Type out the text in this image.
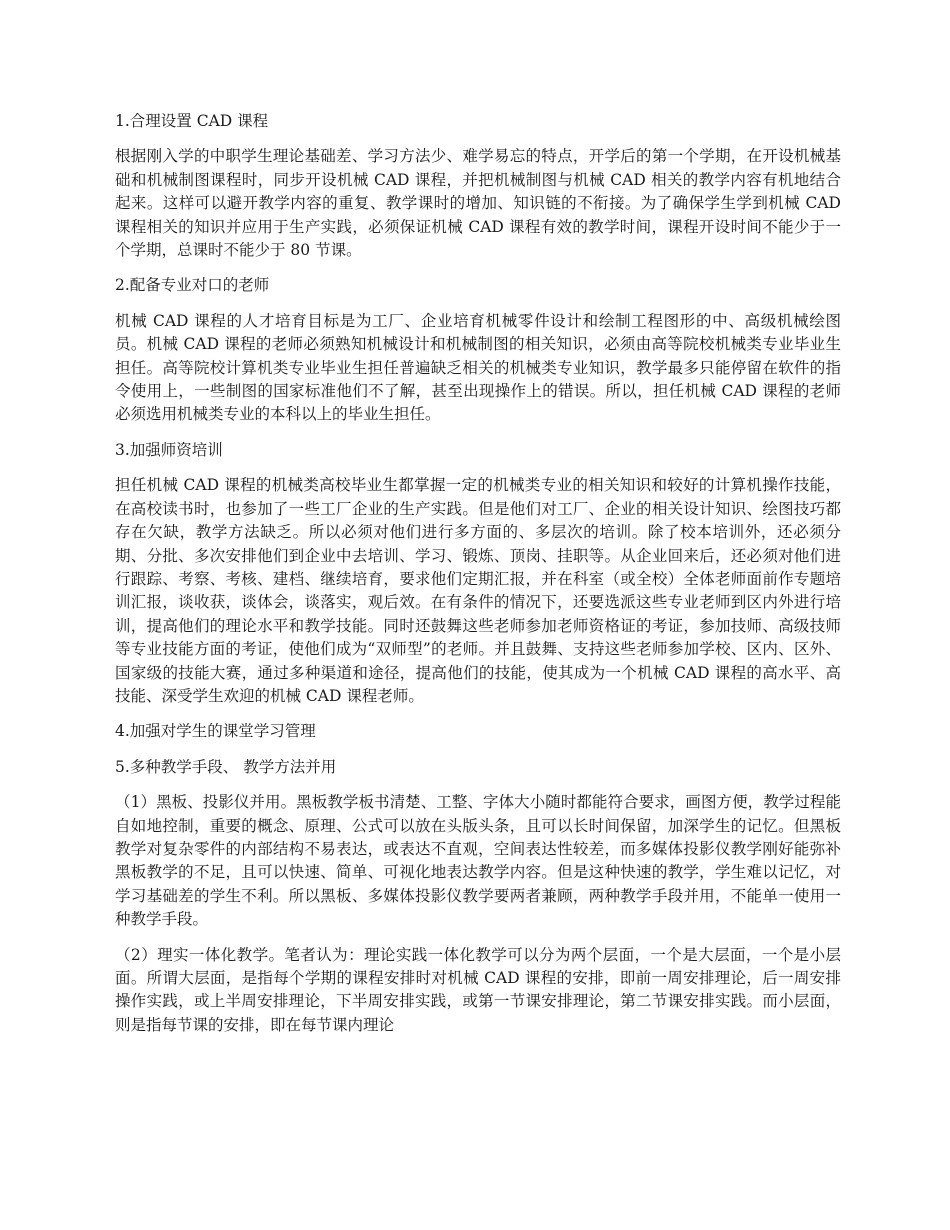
1.合理设置 CAD 课程
根据刚入学的中职学生理论基础差、学习方法少、难学易忘的特点，开学后的第一个学期，在开设机械基础和机械制图课程时，同步开设机械 CAD 课程，并把机械制图与机械 CAD 相关的教学内容有机地结合起来。这样可以避开教学内容的重复、教学课时的增加、知识链的不衔接。为了确保学生学到机械 CAD 课程相关的知识并应用于生产实践，必须保证机械 CAD 课程有效的教学时间，课程开设时间不能少于一个学期，总课时不能少于 80 节课。
2.配备专业对口的老师
机械 CAD 课程的人才培育目标是为工厂、企业培育机械零件设计和绘制工程图形的中、高级机械绘图员。机械 CAD 课程的老师必须熟知机械设计和机械制图的相关知识，必须由高等院校机械类专业毕业生担任。高等院校计算机类专业毕业生担任普遍缺乏相关的机械类专业知识，教学最多只能停留在软件的指令使用上，一些制图的国家标准他们不了解，甚至出现操作上的错误。所以，担任机械 CAD 课程的老师必须选用机械类专业的本科以上的毕业生担任。
3.加强师资培训
担任机械 CAD 课程的机械类高校毕业生都掌握一定的机械类专业的相关知识和较好的计算机操作技能，在高校读书时，也参加了一些工厂企业的生产实践。但是他们对工厂、企业的相关设计知识、绘图技巧都存在欠缺，教学方法缺乏。所以必须对他们进行多方面的、多层次的培训。除了校本培训外，还必须分期、分批、多次安排他们到企业中去培训、学习、锻炼、顶岗、挂职等。从企业回来后，还必须对他们进行跟踪、考察、考核、建档、继续培育，要求他们定期汇报，并在科室（或全校）全体老师面前作专题培训汇报，谈收获，谈体会，谈落实，观后效。在有条件的情况下，还要选派这些专业老师到区内外进行培训，提高他们的理论水平和教学技能。同时还鼓舞这些老师参加老师资格证的考证，参加技师、高级技师等专业技能方面的考证，使他们成为“双师型”的老师。并且鼓舞、支持这些老师参加学校、区内、区外、国家级的技能大赛，通过多种渠道和途径，提高他们的技能，使其成为一个机械 CAD 课程的高水平、高技能、深受学生欢迎的机械 CAD 课程老师。
4.加强对学生的课堂学习管理
5.多种教学手段、 教学方法并用
（1）黑板、投影仪并用。黑板教学板书清楚、工整、字体大小随时都能符合要求，画图方便，教学过程能自如地控制，重要的概念、原理、公式可以放在头版头条，且可以长时间保留，加深学生的记忆。但黑板教学对复杂零件的内部结构不易表达，或表达不直观，空间表达性较差，而多媒体投影仪教学刚好能弥补黑板教学的不足，且可以快速、简单、可视化地表达教学内容。但是这种快速的教学，学生难以记忆，对学习基础差的学生不利。所以黑板、多媒体投影仪教学要两者兼顾，两种教学手段并用，不能单一使用一种教学手段。
（2）理实一体化教学。笔者认为：理论实践一体化教学可以分为两个层面，一个是大层面，一个是小层面。所谓大层面，是指每个学期的课程安排时对机械 CAD 课程的安排，即前一周安排理论，后一周安排操作实践，或上半周安排理论，下半周安排实践，或第一节课安排理论，第二节课安排实践。而小层面，则是指每节课的安排，即在每节课内理论
